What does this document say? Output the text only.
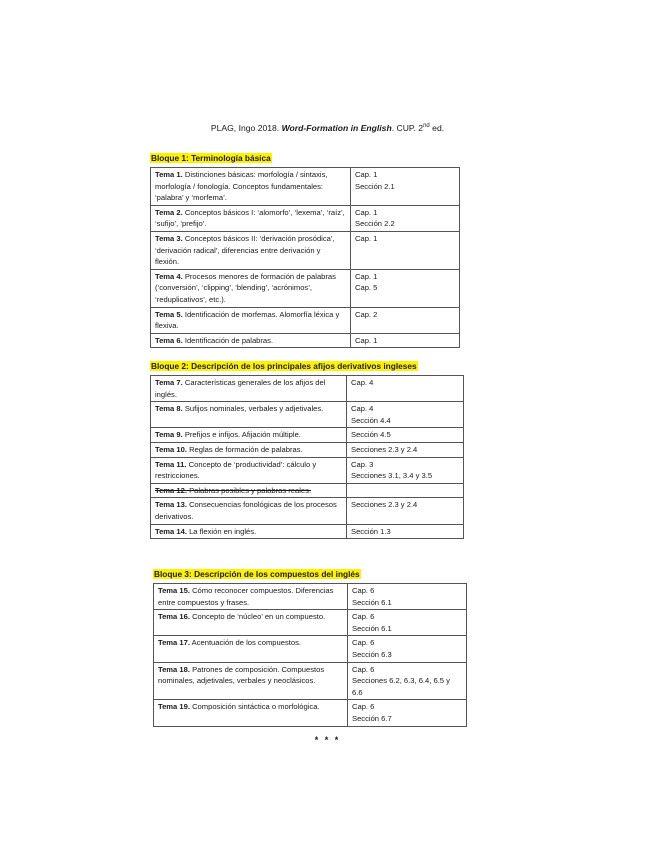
PLAG, Ingo 2018. Word-Formation in English. CUP. 2nd ed.
Bloque 1: Terminología básica
Tema 1. Distinciones básicas: morfología / sintaxis, morfología / fonología. Conceptos fundamentales: ‘palabra’ y ‘morfema’.	Cap. 1
Sección 2.1

Tema 2. Conceptos básicos I: ‘alomorfo’, ‘lexema’, ‘raíz’, ‘sufijo’, ‘prefijo’.	Cap. 1
Sección 2.2

Tema 3. Conceptos básicos II: ‘derivación prosódica’, ‘derivación radical’, diferencias entre derivación y flexión.	Cap. 1

Tema 4. Procesos menores de formación de palabras (‘conversión’, ‘clipping’, ‘blending’, ‘acrónimos’, ‘reduplicativos’, etc.).	Cap. 1
Cap. 5

Tema 5. Identificación de morfemas. Alomorfía léxica y flexiva.	Cap. 2

Tema 6. Identificación de palabras.	Cap. 1
Bloque 2: Descripción de los principales afijos derivativos ingleses
Tema 7. Características generales de los afijos del inglés.	Cap. 4

Tema 8. Sufijos nominales, verbales y adjetivales.	Cap. 4
Sección 4.4

Tema 9. Prefijos e infijos. Afijación múltiple.	Sección 4.5

Tema 10. Reglas de formación de palabras.	Secciones 2.3 y 2.4

Tema 11. Concepto de ‘productividad’: cálculo y restricciones.	Cap. 3
Secciones 3.1, 3.4 y 3.5

Tema 12. Palabras posibles y palabras reales.	
Tema 13. Consecuencias fonológicas de los procesos derivativos.	Secciones 2.3 y 2.4

Tema 14. La flexión en inglés.	Sección 1.3
Bloque 3: Descripción de los compuestos del inglés
Tema 15. Cómo reconocer compuestos. Diferencias entre compuestos y frases.	Cap. 6
Sección 6.1

Tema 16. Concepto de ‘núcleo’ en un compuesto.	Cap. 6
Sección 6.1

Tema 17. Acentuación de los compuestos.	Cap. 6
Sección 6.3

Tema 18. Patrones de composición. Compuestos nominales, adjetivales, verbales y neoclásicos.	Cap. 6
Secciones 6.2, 6.3, 6.4, 6.5 y 6.6

Tema 19. Composición sintáctica o morfológica.	Cap. 6
Sección 6.7
* * *
